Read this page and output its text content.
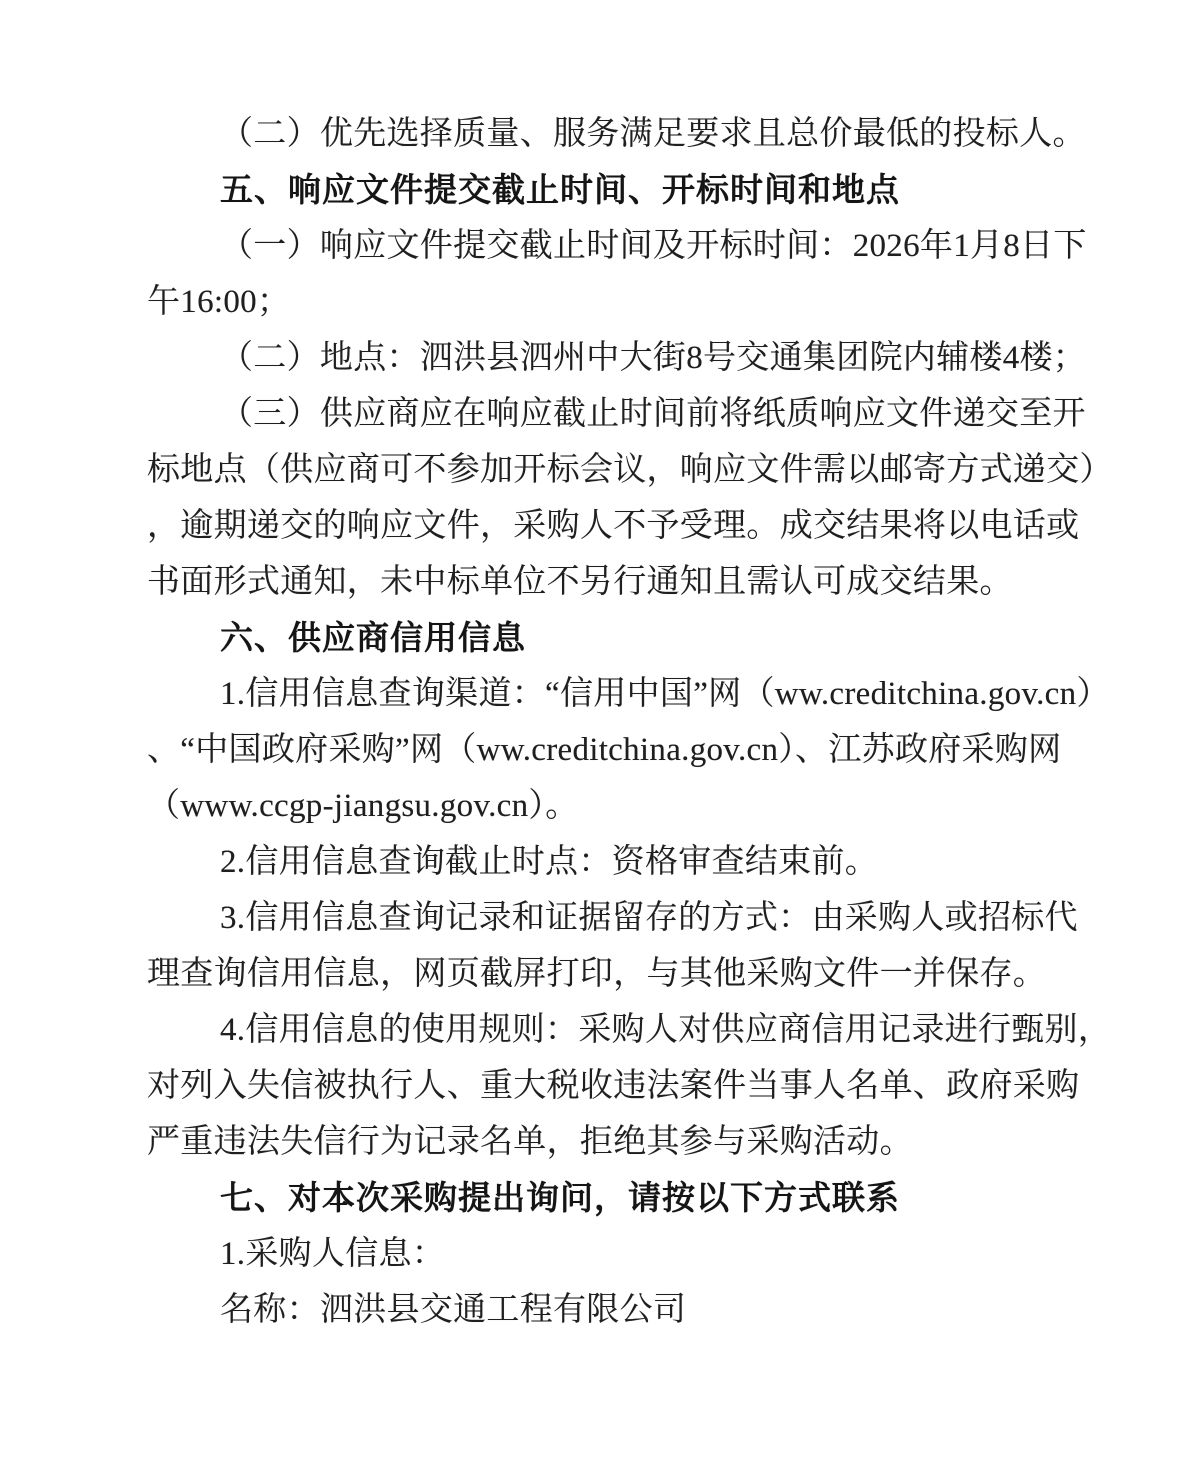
（二）优先选择质量、服务满足要求且总价最低的投标人。
五、响应文件提交截止时间、开标时间和地点
（一）响应文件提交截止时间及开标时间：2026年1月8日下
午16:00；
（二）地点：泗洪县泗州中大街8号交通集团院内辅楼4楼；
（三）供应商应在响应截止时间前将纸质响应文件递交至开
标地点（供应商可不参加开标会议，响应文件需以邮寄方式递交）
，逾期递交的响应文件，采购人不予受理。成交结果将以电话或
书面形式通知，未中标单位不另行通知且需认可成交结果。
六、供应商信用信息
1.信用信息查询渠道：“信用中国”网（ww.creditchina.gov.cn）
、“中国政府采购”网（ww.creditchina.gov.cn）、江苏政府采购网
（www.ccgp-jiangsu.gov.cn）。
2.信用信息查询截止时点：资格审查结束前。
3.信用信息查询记录和证据留存的方式：由采购人或招标代
理查询信用信息，网页截屏打印，与其他采购文件一并保存。
4.信用信息的使用规则：采购人对供应商信用记录进行甄别，
对列入失信被执行人、重大税收违法案件当事人名单、政府采购
严重违法失信行为记录名单，拒绝其参与采购活动。
七、对本次采购提出询问，请按以下方式联系
1.采购人信息：
名称：泗洪县交通工程有限公司
